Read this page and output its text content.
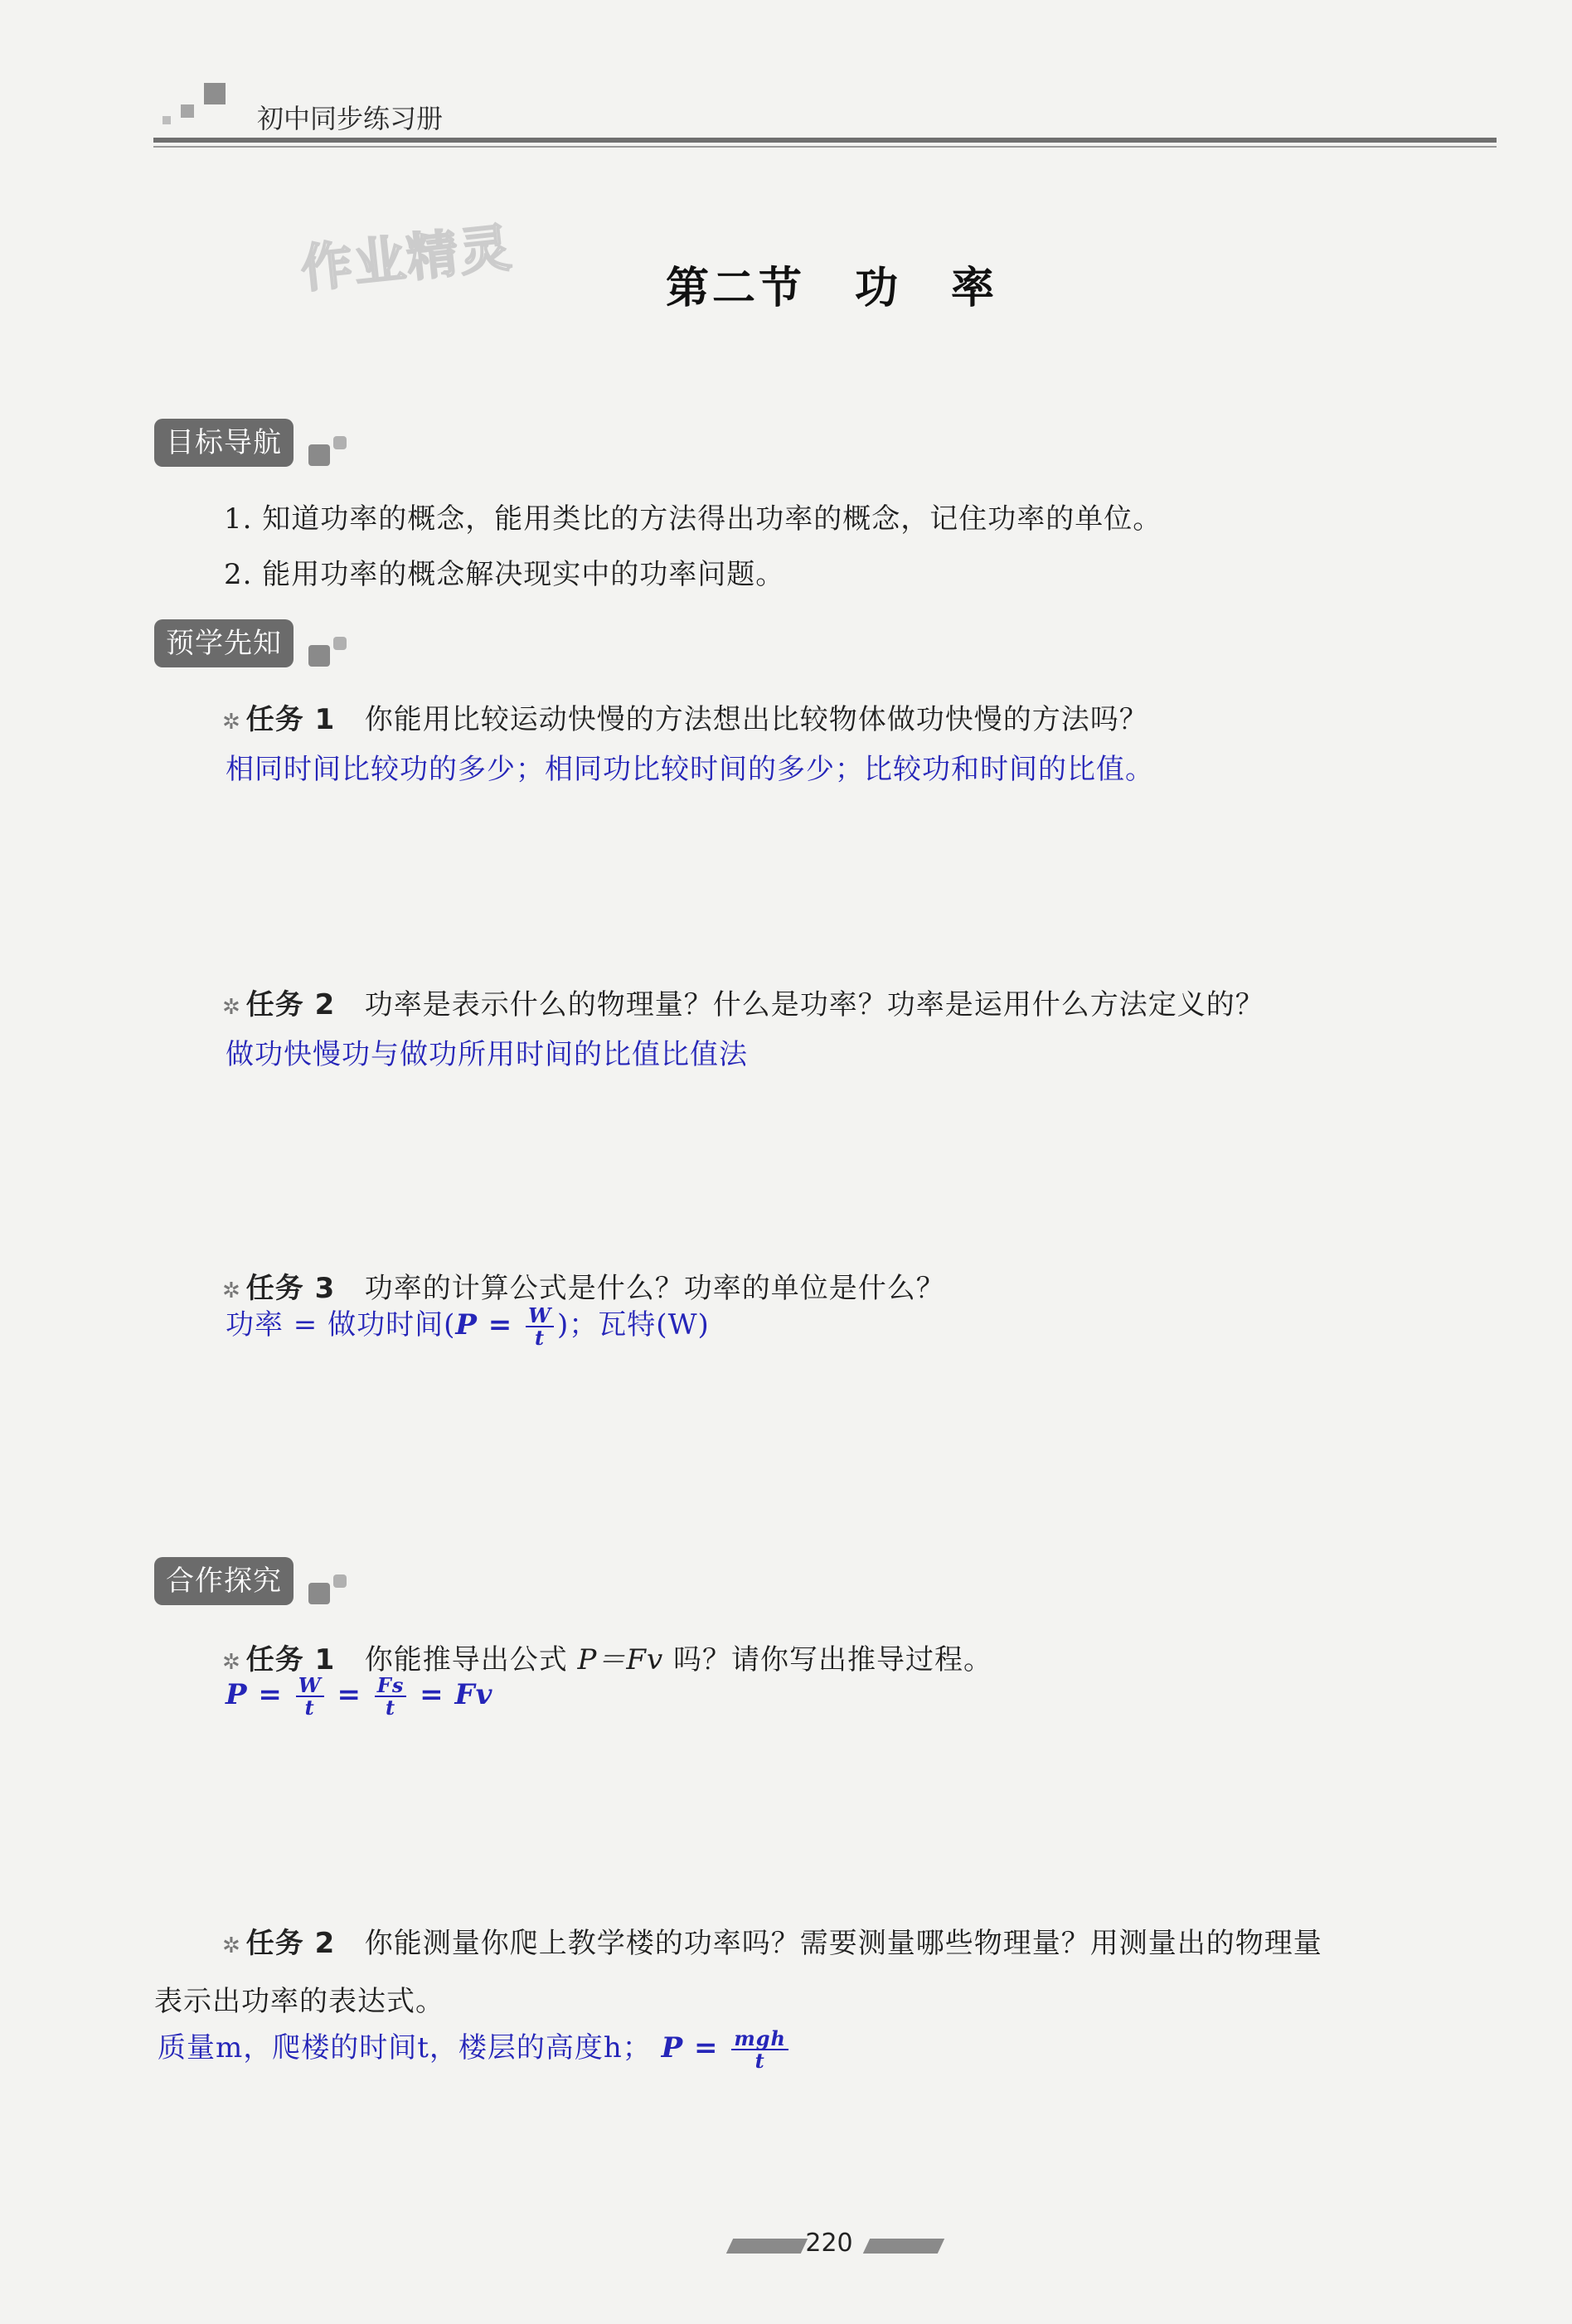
初中同步练习册
作业精灵	第二节 功 率
目标导航
1. 知道功率的概念，能用类比的方法得出功率的概念，记住功率的单位。
2. 能用功率的概念解决现实中的功率问题。
预学先知
✲ 任务 1 你能用比较运动快慢的方法想出比较物体做功快慢的方法吗？
相同时间比较功的多少；相同功比较时间的多少；比较功和时间的比值。
✲ 任务 2 功率是表示什么的物理量？什么是功率？功率是运用什么方法定义的？
做功快慢功与做功所用时间的比值比值法
✲ 任务 3 功率的计算公式是什么？功率的单位是什么？
功率 = 做功时间($P = \frac{W}{t}$ )；瓦特(W)
合作探究
✲ 任务 1 你能推导出公式 P＝Fv 吗？请你写出推导过程。
$P = \frac{W}{t} = \frac{Fs}{t} = Fv$
✲ 任务 2 你能测量你爬上教学楼的功率吗？需要测量哪些物理量？用测量出的物理量
表示出功率的表达式。
质量m，爬楼的时间t，楼层的高度h； $P = \frac{\text{mgh}}{t}$
220
